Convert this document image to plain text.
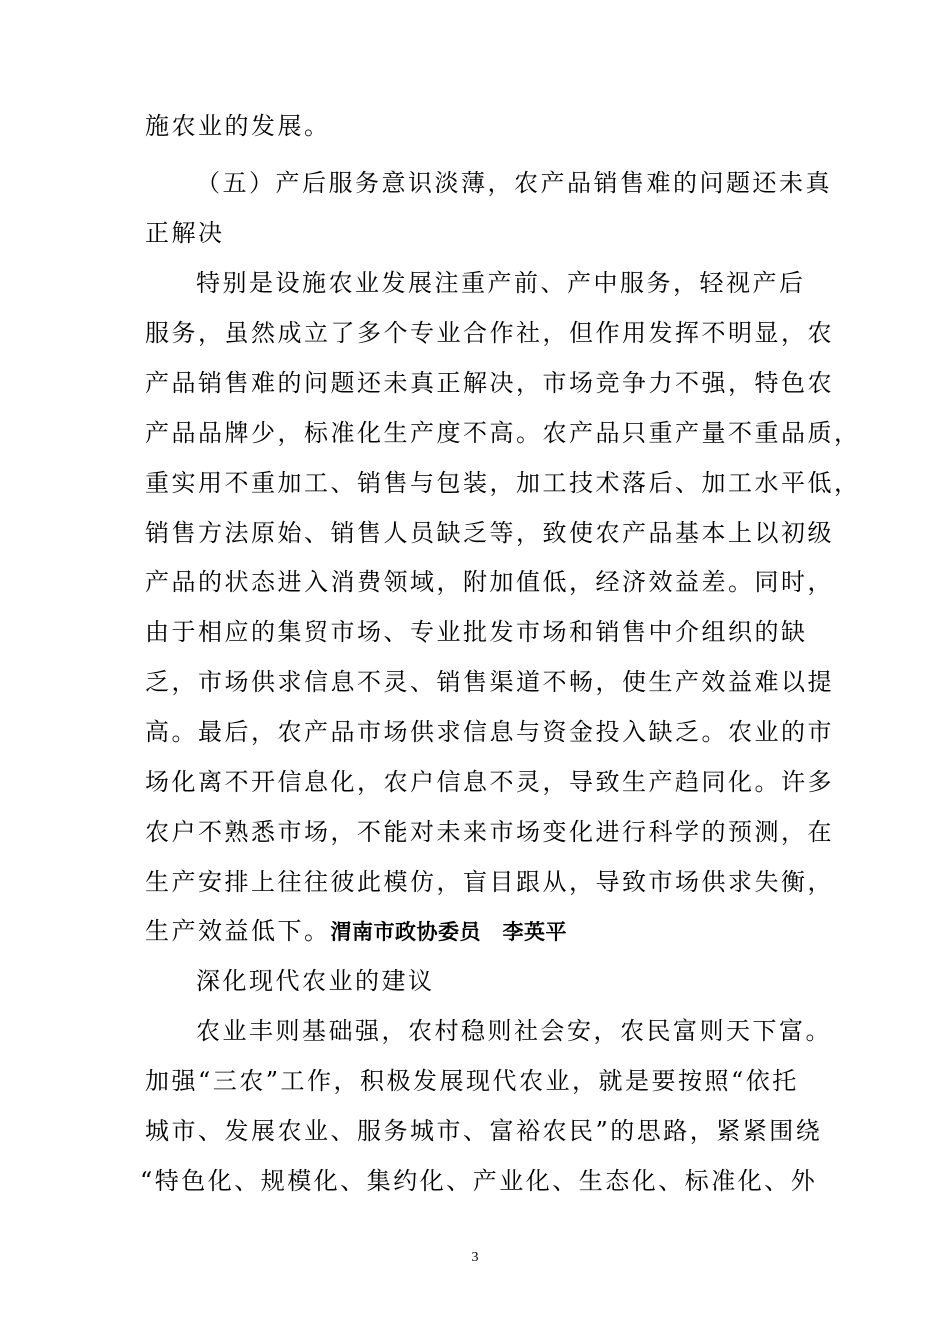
施农业的发展。
（五）产后服务意识淡薄，农产品销售难的问题还未真
正解决
特别是设施农业发展注重产前、产中服务，轻视产后
服务，虽然成立了多个专业合作社，但作用发挥不明显，农
产品销售难的问题还未真正解决，市场竞争力不强，特色农
产品品牌少，标准化生产度不高。农产品只重产量不重品质，
重实用不重加工、销售与包装，加工技术落后、加工水平低，
销售方法原始、销售人员缺乏等，致使农产品基本上以初级
产品的状态进入消费领域，附加值低，经济效益差。同时，
由于相应的集贸市场、专业批发市场和销售中介组织的缺
乏，市场供求信息不灵、销售渠道不畅，使生产效益难以提
高。最后，农产品市场供求信息与资金投入缺乏。农业的市
场化离不开信息化，农户信息不灵，导致生产趋同化。许多
农户不熟悉市场，不能对未来市场变化进行科学的预测，在
生产安排上往往彼此模仿，盲目跟从，导致市场供求失衡，
生产效益低下。渭南市政协委员　李英平
深化现代农业的建议
农业丰则基础强，农村稳则社会安，农民富则天下富。
加强“三农”工作，积极发展现代农业，就是要按照“依托
城市、发展农业、服务城市、富裕农民”的思路，紧紧围绕
“特色化、规模化、集约化、产业化、生态化、标准化、外
3
